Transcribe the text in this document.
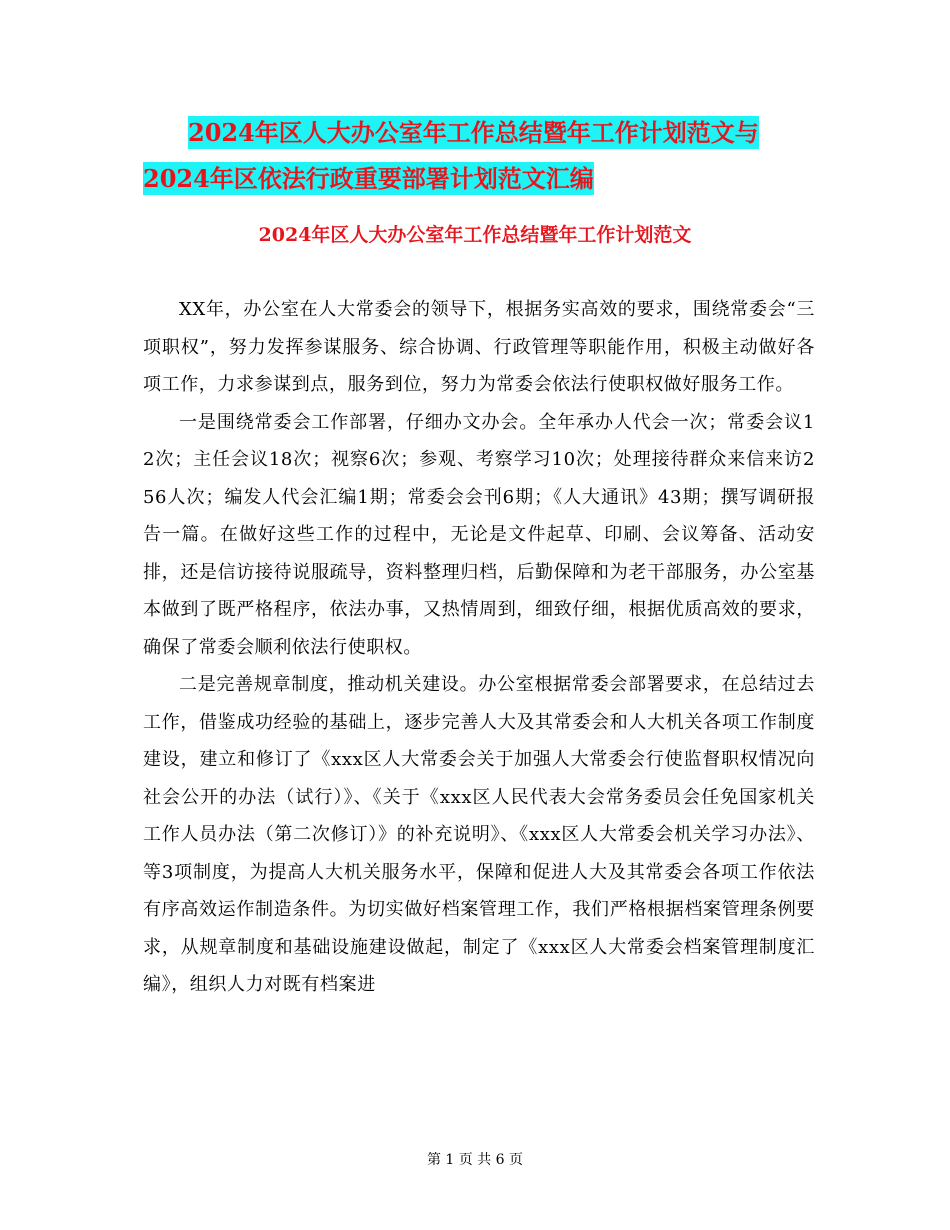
2024年区人大办公室年工作总结暨年工作计划范文与
2024年区依法行政重要部署计划范文汇编
2024年区人大办公室年工作总结暨年工作计划范文

XX年，办公室在人大常委会的领导下，根据务实高效的要求，围绕常委会“三项职权”，努力发挥参谋服务、综合协调、行政管理等职能作用，积极主动做好各项工作，力求参谋到点，服务到位，努力为常委会依法行使职权做好服务工作。

一是围绕常委会工作部署，仔细办文办会。全年承办人代会一次；常委会议12次；主任会议18次；视察6次；参观、考察学习10次；处理接待群众来信来访256人次；编发人代会汇编1期；常委会会刊6期；《人大通讯》43期；撰写调研报告一篇。在做好这些工作的过程中，无论是文件起草、印刷、会议筹备、活动安排，还是信访接待说服疏导，资料整理归档，后勤保障和为老干部服务，办公室基本做到了既严格程序，依法办事，又热情周到，细致仔细，根据优质高效的要求，确保了常委会顺利依法行使职权。

二是完善规章制度，推动机关建设。办公室根据常委会部署要求，在总结过去工作，借鉴成功经验的基础上，逐步完善人大及其常委会和人大机关各项工作制度建设，建立和修订了《xxx区人大常委会关于加强人大常委会行使监督职权情况向社会公开的办法（试行）》、《关于《xxx区人民代表大会常务委员会任免国家机关工作人员办法（第二次修订）》的补充说明》、《xxx区人大常委会机关学习办法》、等3项制度，为提高人大机关服务水平，保障和促进人大及其常委会各项工作依法有序高效运作制造条件。为切实做好档案管理工作，我们严格根据档案管理条例要求，从规章制度和基础设施建设做起，制定了《xxx区人大常委会档案管理制度汇编》，组织人力对既有档案进

第 1 页 共 6 页
